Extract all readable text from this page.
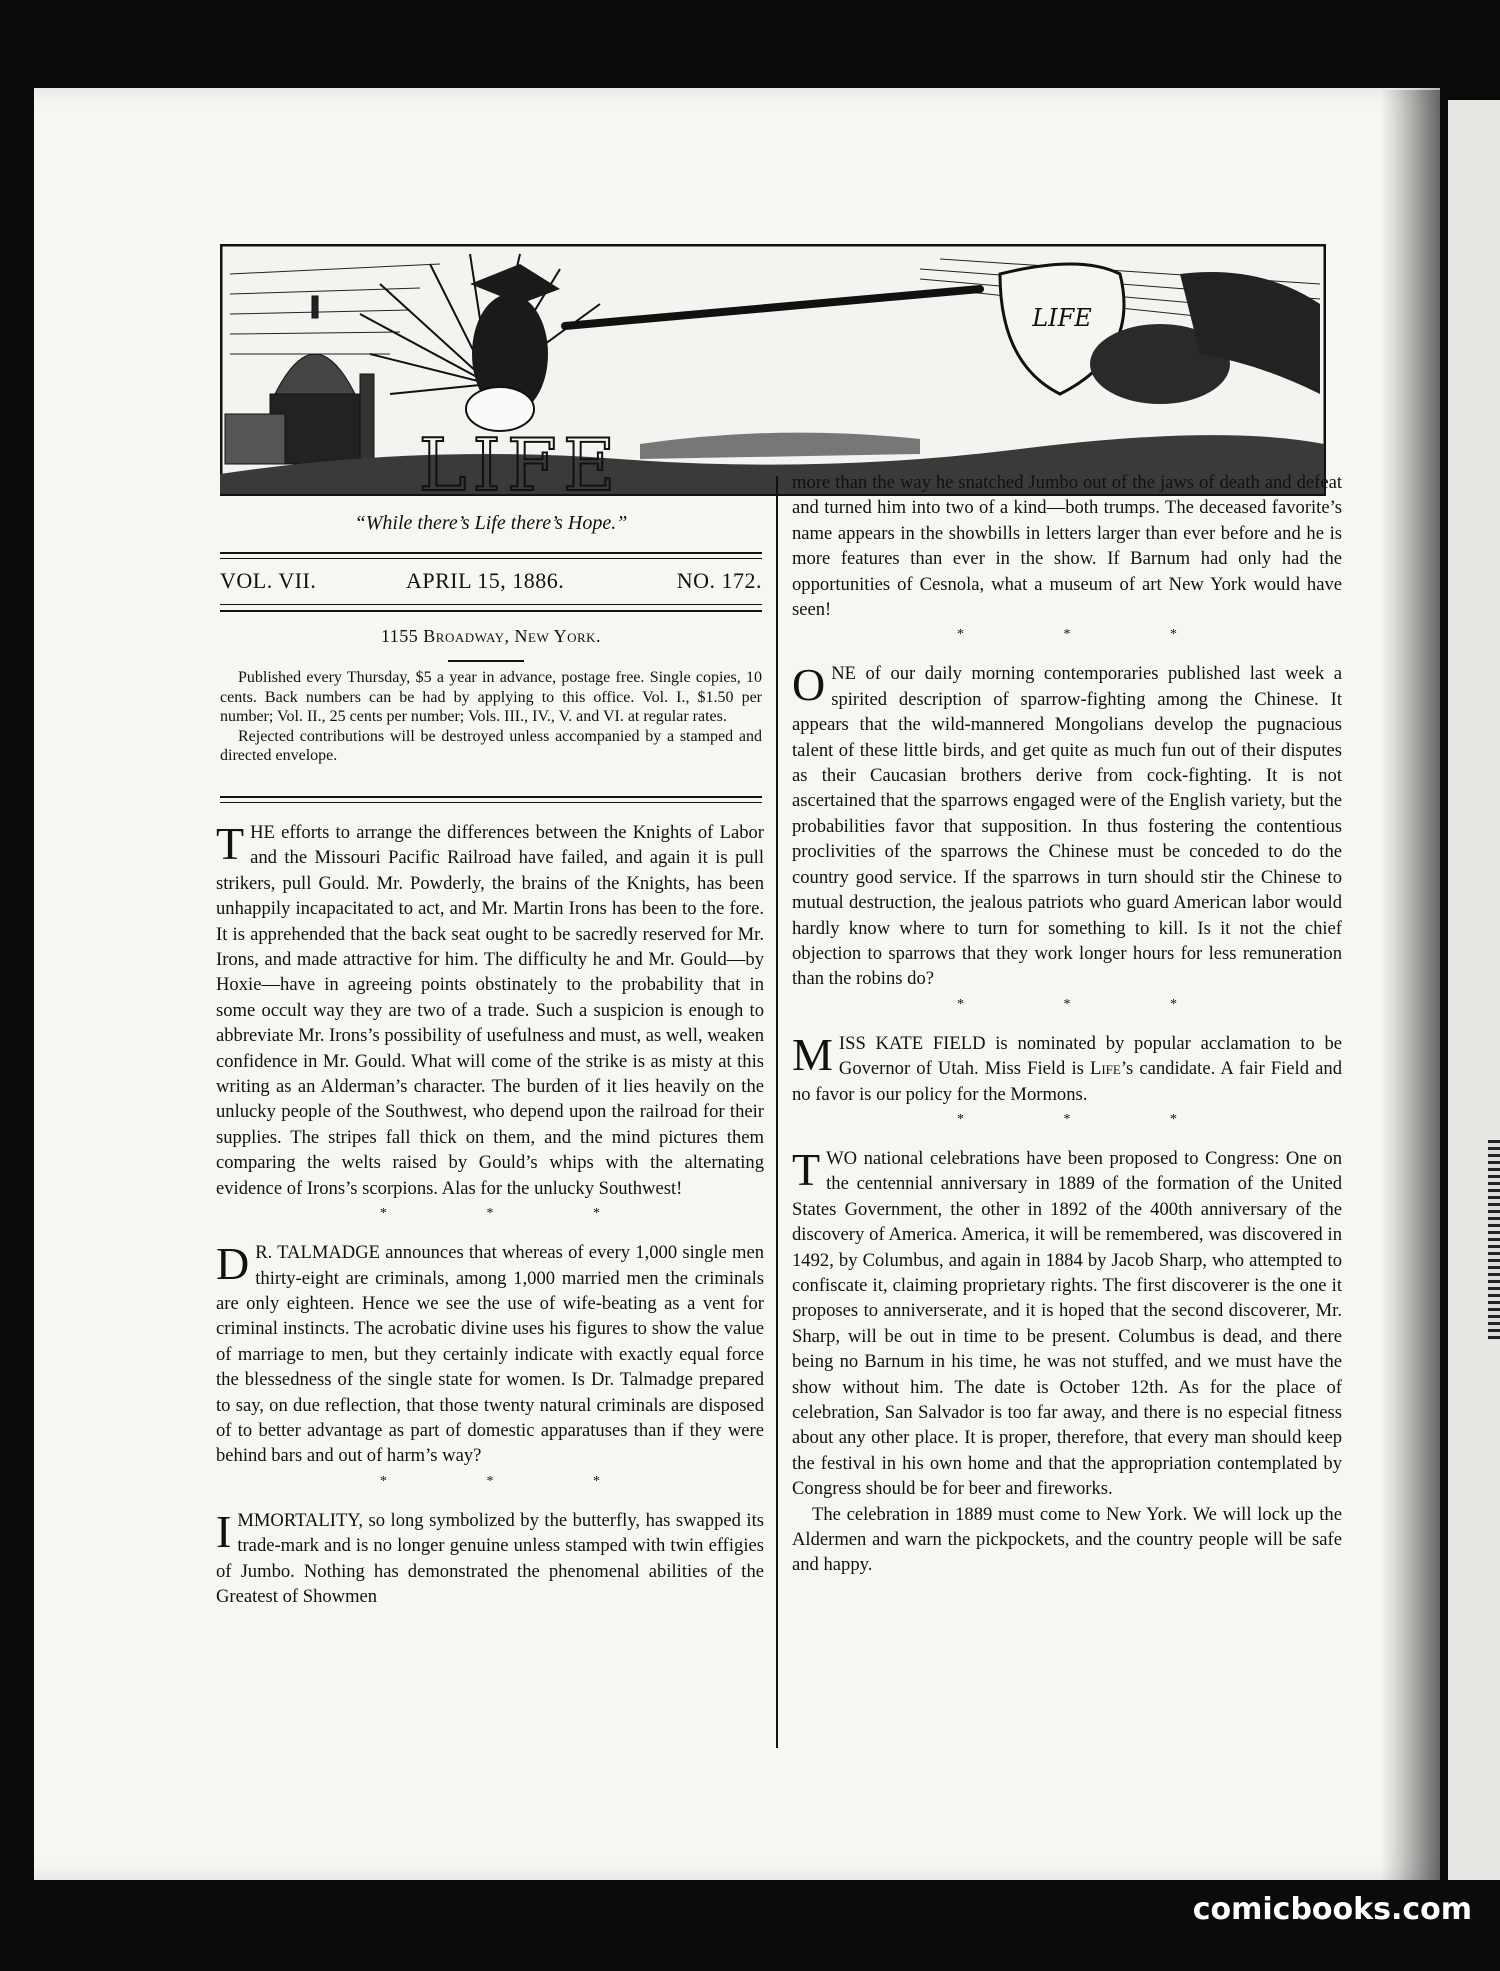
LIFE
LIFE
“While there’s Life there’s Hope.”
VOL. VII.	APRIL 15, 1886.	NO. 172.
1155 Broadway, New York.

Published every Thursday, $5 a year in advance, postage free. Single copies, 10 cents. Back numbers can be had by applying to this office. Vol. I., $1.50 per number; Vol. II., 25 cents per number; Vols. III., IV., V. and VI. at regular rates.

Rejected contributions will be destroyed unless accompanied by a stamped and directed envelope.

THE efforts to arrange the differences between the Knights of Labor and the Missouri Pacific Railroad have failed, and again it is pull strikers, pull Gould. Mr. Powderly, the brains of the Knights, has been unhappily incapacitated to act, and Mr. Martin Irons has been to the fore. It is apprehended that the back seat ought to be sacredly reserved for Mr. Irons, and made attractive for him. The difficulty he and Mr. Gould—by Hoxie—have in agreeing points obstinately to the probability that in some occult way they are two of a trade. Such a suspicion is enough to abbreviate Mr. Irons’s possibility of usefulness and must, as well, weaken confidence in Mr. Gould. What will come of the strike is as misty at this writing as an Alderman’s character. The burden of it lies heavily on the unlucky people of the Southwest, who depend upon the railroad for their supplies. The stripes fall thick on them, and the mind pictures them comparing the welts raised by Gould’s whips with the alternating evidence of Irons’s scorpions. Alas for the unlucky Southwest!

* * *

D R. TALMADGE announces that whereas of every 1,000 single men thirty-eight are criminals, among 1,000 married men the criminals are only eighteen. Hence we see the use of wife-beating as a vent for criminal instincts. The acrobatic divine uses his figures to show the value of marriage to men, but they certainly indicate with exactly equal force the blessedness of the single state for women. Is Dr. Talmadge prepared to say, on due reflection, that those twenty natural criminals are disposed of to better advantage as part of domestic apparatuses than if they were behind bars and out of harm’s way?

* * *

IMMORTALITY, so long symbolized by the butterfly, has swapped its trade-mark and is no longer genuine unless stamped with twin effigies of Jumbo. Nothing has demonstrated the phenomenal abilities of the Greatest of Showmen

more than the way he snatched Jumbo out of the jaws of death and defeat and turned him into two of a kind—both trumps. The deceased favorite’s name appears in the showbills in letters larger than ever before and he is more features than ever in the show. If Barnum had only had the opportunities of Cesnola, what a museum of art New York would have seen!

* * *

ONE of our daily morning contemporaries published last week a spirited description of sparrow-fighting among the Chinese. It appears that the wild-mannered Mongolians develop the pugnacious talent of these little birds, and get quite as much fun out of their disputes as their Caucasian brothers derive from cock-fighting. It is not ascertained that the sparrows engaged were of the English variety, but the probabilities favor that supposition. In thus fostering the contentious proclivities of the sparrows the Chinese must be conceded to do the country good service. If the sparrows in turn should stir the Chinese to mutual destruction, the jealous patriots who guard American labor would hardly know where to turn for something to kill. Is it not the chief objection to sparrows that they work longer hours for less remuneration than the robins do?

* * *

MISS KATE FIELD is nominated by popular acclamation to be Governor of Utah. Miss Field is Life’s candidate. A fair Field and no favor is our policy for the Mormons.

* * *

TWO national celebrations have been proposed to Congress: One on the centennial anniversary in 1889 of the formation of the United States Government, the other in 1892 of the 400th anniversary of the discovery of America. America, it will be remembered, was discovered in 1492, by Columbus, and again in 1884 by Jacob Sharp, who attempted to confiscate it, claiming proprietary rights. The first discoverer is the one it proposes to anniverserate, and it is hoped that the second discoverer, Mr. Sharp, will be out in time to be present. Columbus is dead, and there being no Barnum in his time, he was not stuffed, and we must have the show without him. The date is October 12th. As for the place of celebration, San Salvador is too far away, and there is no especial fitness about any other place. It is proper, therefore, that every man should keep the festival in his own home and that the appropriation contemplated by Congress should be for beer and fireworks.

The celebration in 1889 must come to New York. We will lock up the Aldermen and warn the pickpockets, and the country people will be safe and happy.

comicbooks.com
